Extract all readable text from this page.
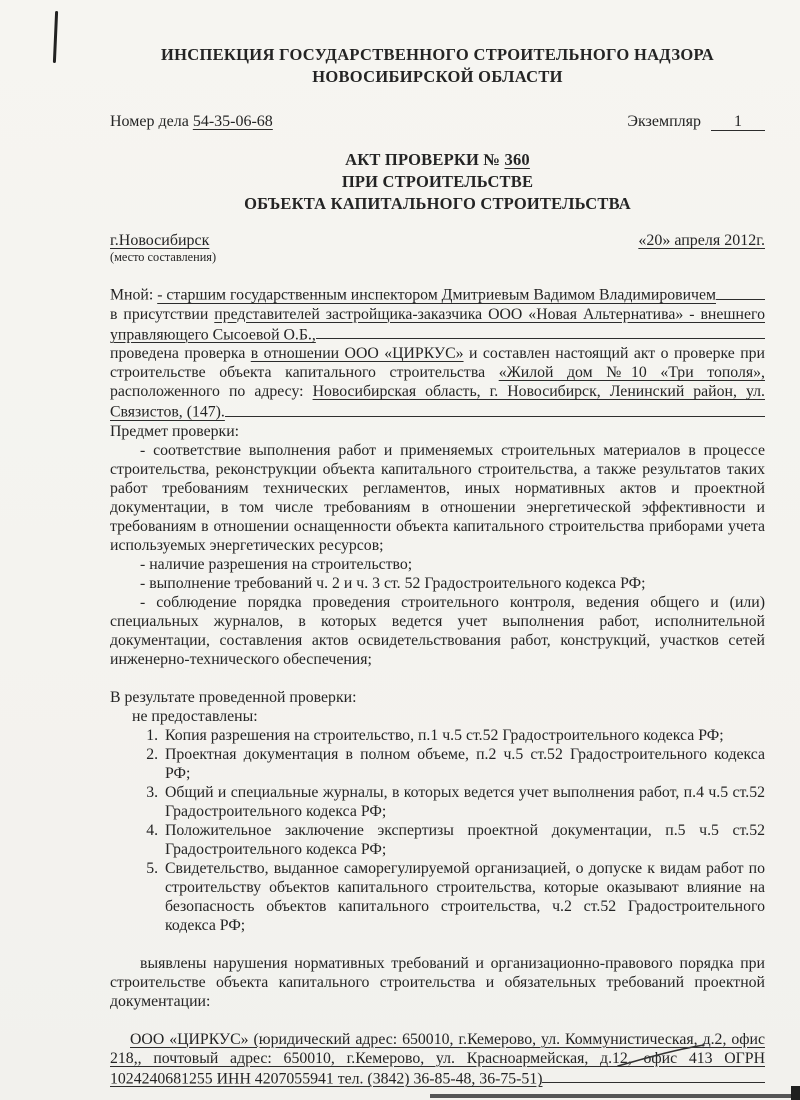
ИНСПЕКЦИЯ ГОСУДАРСТВЕННОГО СТРОИТЕЛЬНОГО НАДЗОРА
НОВОСИБИРСКОЙ ОБЛАСТИ
Номер дела 54-35-06-68	Экземпляр 1
АКТ ПРОВЕРКИ № 360
ПРИ СТРОИТЕЛЬСТВЕ
ОБЪЕКТА КАПИТАЛЬНОГО СТРОИТЕЛЬСТВА
г.Новосибирск
(место составления)
«20» апреля 2012г.

Мной: - старшим государственным инспектором Дмитриевым Вадимом Владимировичем

в присутствии представителей застройщика-заказчика ООО «Новая Альтернатива» - внешнего управляющего Сысоевой О.Б.,

проведена проверка в отношении ООО «ЦИРКУС» и составлен настоящий акт о проверке при строительстве объекта капитального строительства «Жилой дом №10 «Три тополя», расположенного по адресу: Новосибирская область, г. Новосибирск, Ленинский район, ул. Связистов, (147).

Предмет проверки:

- соответствие выполнения работ и применяемых строительных материалов в процессе строительства, реконструкции объекта капитального строительства, а также результатов таких работ требованиям технических регламентов, иных нормативных актов и проектной документации, в том числе требованиям в отношении энергетической эффективности и требованиям в отношении оснащенности объекта капитального строительства приборами учета используемых энергетических ресурсов;

- наличие разрешения на строительство;

- выполнение требований ч. 2 и ч. 3 ст. 52 Градостроительного кодекса РФ;

- соблюдение порядка проведения строительного контроля, ведения общего и (или) специальных журналов, в которых ведется учет выполнения работ, исполнительной документации, составления актов освидетельствования работ, конструкций, участков сетей инженерно-технического обеспечения;

В результате проведенной проверки:

не предоставлены:

1. Копия разрешения на строительство, п.1 ч.5 ст.52 Градостроительного кодекса РФ;
2. Проектная документация в полном объеме, п.2 ч.5 ст.52 Градостроительного кодекса РФ;
3. Общий и специальные журналы, в которых ведется учет выполнения работ, п.4 ч.5 ст.52 Градостроительного кодекса РФ;
4. Положительное заключение экспертизы проектной документации, п.5 ч.5 ст.52 Градостроительного кодекса РФ;
5. Свидетельство, выданное саморегулируемой организацией, о допуске к видам работ по строительству объектов капитального строительства, которые оказывают влияние на безопасность объектов капитального строительства, ч.2 ст.52 Градостроительного кодекса РФ;

выявлены нарушения нормативных требований и организационно-правового порядка при строительстве объекта капитального строительства и обязательных требований проектной документации:

ООО «ЦИРКУС» (юридический адрес: 650010, г.Кемерово, ул. Коммунистическая, д.2, офис 218,, почтовый адрес: 650010, г.Кемерово, ул. Красноармейская, д.12, офис 413 ОГРН 1024240681255 ИНН 4207055941 тел. (3842) 36-85-48, 36-75-51)
